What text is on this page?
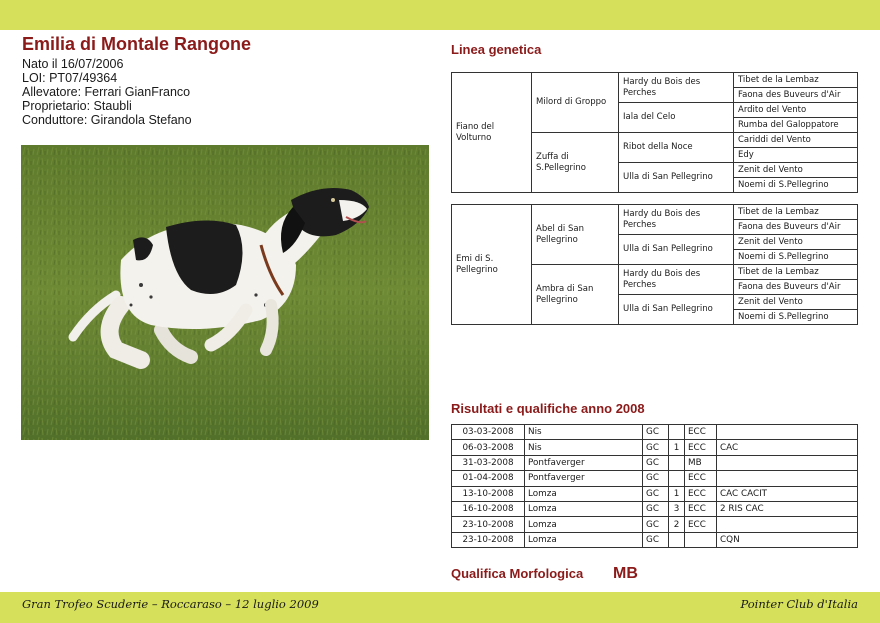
Emilia di Montale Rangone
Nato il 16/07/2006
LOI: PT07/49364
Allevatore: Ferrari GianFranco
Proprietario: Staubli
Conduttore: Girandola Stefano
Linea genetica
Fiano del Volturno	Milord di Groppo	Hardy du Bois des Perches	Tibet de la Lembaz
			Faona des Buveurs d'Air
		Iala del Celo	Ardito del Vento
			Rumba del Galoppatore
	Zuffa di S.Pellegrino	Ribot della Noce	Cariddi del Vento
			Edy
		Ulla di San Pellegrino	Zenit del Vento
			Noemi di S.Pellegrino
Emi di S. Pellegrino	Abel di San Pellegrino	Hardy du Bois des Perches	Tibet de la Lembaz
			Faona des Buveurs d'Air
		Ulla di San Pellegrino	Zenit del Vento
			Noemi di S.Pellegrino
	Ambra di San Pellegrino	Hardy du Bois des Perches	Tibet de la Lembaz
			Faona des Buveurs d'Air
		Ulla di San Pellegrino	Zenit del Vento
			Noemi di S.Pellegrino
Risultati e qualifiche anno 2008
03-03-2008	Nis	GC		ECC	
06-03-2008	Nis	GC	1	ECC	CAC
31-03-2008	Pontfaverger	GC		MB	
01-04-2008	Pontfaverger	GC		ECC	
13-10-2008	Lomza	GC	1	ECC	CAC CACIT
16-10-2008	Lomza	GC	3	ECC	2 RIS CAC
23-10-2008	Lomza	GC	2	ECC	
23-10-2008	Lomza	GC			CQN
Qualifica Morfologica MB
Gran Trofeo Scuderie – Roccaraso – 12 luglio 2009	Pointer Club d'Italia
